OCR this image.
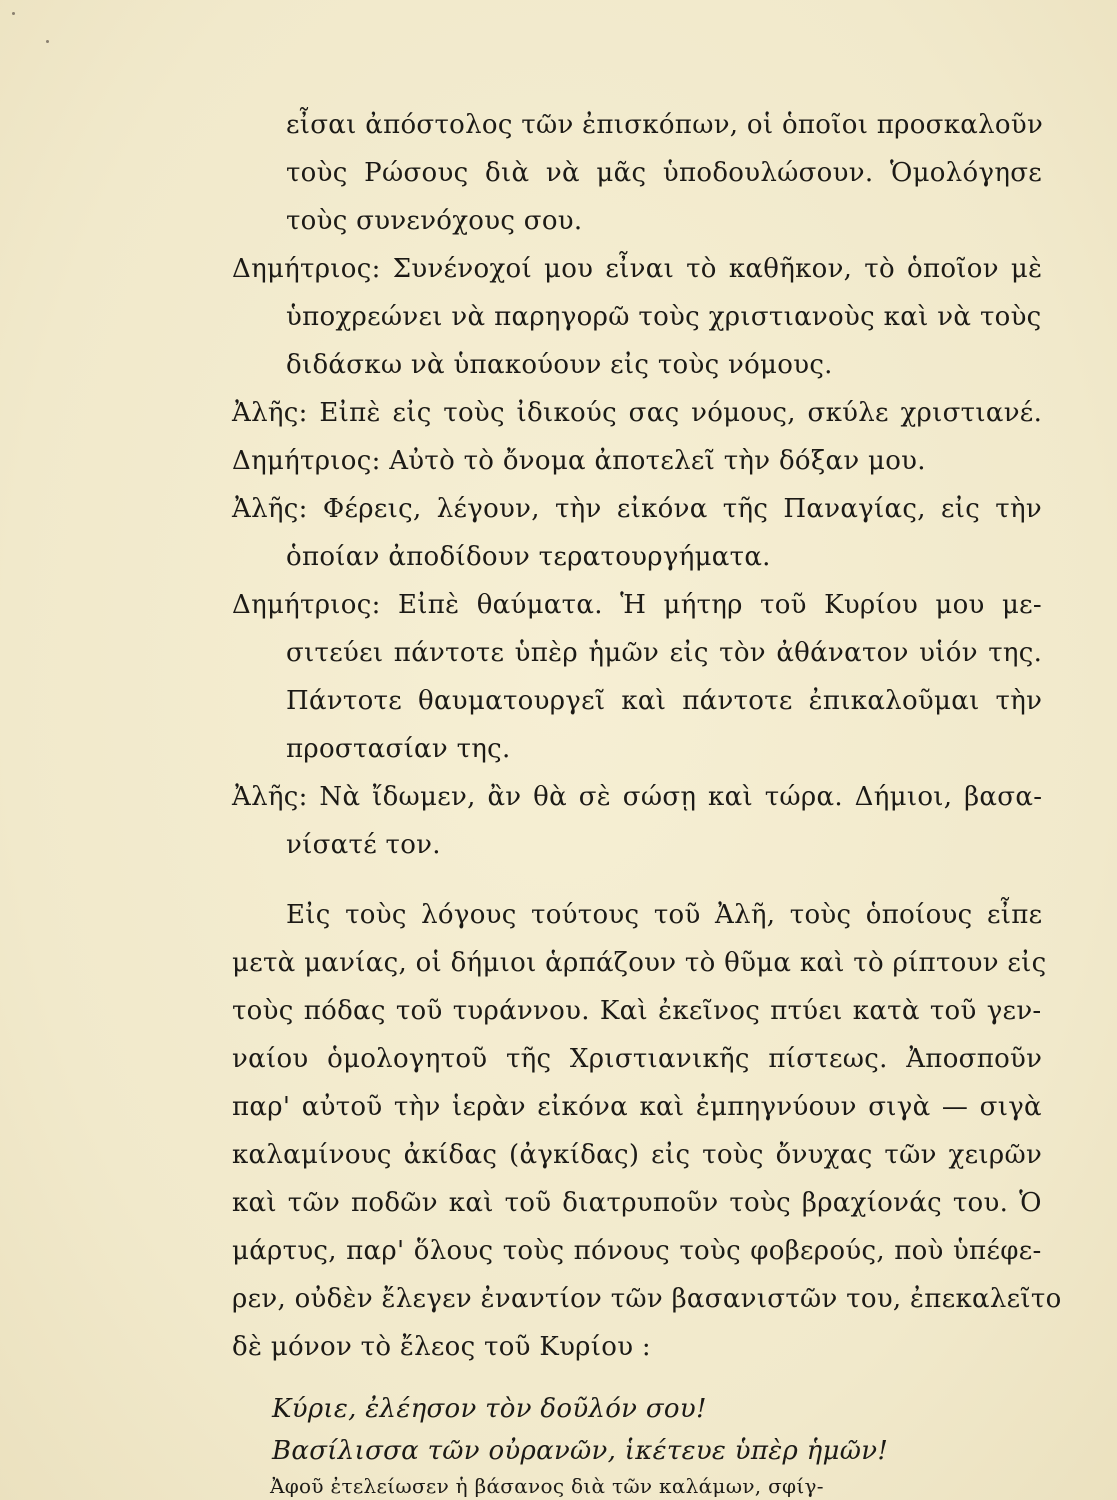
εἶσαι ἀπόστολος τῶν ἐπισκόπων, οἱ ὁποῖοι προσκαλοῦν
τοὺς Ρώσους διὰ νὰ μᾶς ὑποδουλώσουν. Ὁμολόγησε
τοὺς συνενόχους σου.
Δημήτριος: Συνένοχοί μου εἶναι τὸ καθῆκον, τὸ ὁποῖον μὲ
ὑποχρεώνει νὰ παρηγορῶ τοὺς χριστιανοὺς καὶ νὰ τοὺς
διδάσκω νὰ ὑπακούουν εἰς τοὺς νόμους.
Ἀλῆς: Εἰπὲ εἰς τοὺς ἰδικούς σας νόμους, σκύλε χριστιανέ.
Δημήτριος: Αὐτὸ τὸ ὄνομα ἀποτελεῖ τὴν δόξαν μου.
Ἀλῆς: Φέρεις, λέγουν, τὴν εἰκόνα τῆς Παναγίας, εἰς τὴν
ὁποίαν ἀποδίδουν τερατουργήματα.
Δημήτριος: Εἰπὲ θαύματα. Ἡ μήτηρ τοῦ Κυρίου μου με-
σιτεύει πάντοτε ὑπὲρ ἡμῶν εἰς τὸν ἀθάνατον υἱόν της.
Πάντοτε θαυματουργεῖ καὶ πάντοτε ἐπικαλοῦμαι τὴν
προστασίαν της.
Ἀλῆς: Νὰ ἴδωμεν, ἂν θὰ σὲ σώσῃ καὶ τώρα. Δήμιοι, βασα-
νίσατέ τον.
Εἰς τοὺς λόγους τούτους τοῦ Ἀλῆ, τοὺς ὁποίους εἶπε
μετὰ μανίας, οἱ δήμιοι ἁρπάζουν τὸ θῦμα καὶ τὸ ρίπτουν εἰς
τοὺς πόδας τοῦ τυράννου. Καὶ ἐκεῖνος πτύει κατὰ τοῦ γεν-
ναίου ὁμολογητοῦ τῆς Χριστιανικῆς πίστεως. Ἀποσποῦν
παρ' αὐτοῦ τὴν ἱερὰν εἰκόνα καὶ ἐμπηγνύουν σιγὰ — σιγὰ
καλαμίνους ἀκίδας (ἀγκίδας) εἰς τοὺς ὄνυχας τῶν χειρῶν
καὶ τῶν ποδῶν καὶ τοῦ διατρυποῦν τοὺς βραχίονάς του. Ὁ
μάρτυς, παρ' ὅλους τοὺς πόνους τοὺς φοβερούς, ποὺ ὑπέφε-
ρεν, οὐδὲν ἔλεγεν ἐναντίον τῶν βασανιστῶν του, ἐπεκαλεῖτο
δὲ μόνον τὸ ἔλεος τοῦ Κυρίου :
Κύριε, ἐλέησον τὸν δοῦλόν σου!
Βασίλισσα τῶν οὐρανῶν, ἱκέτευε ὑπὲρ ἡμῶν!
Ἀφοῦ ἐτελείωσεν ἡ βάσανος διὰ τῶν καλάμων, σφίγ-
